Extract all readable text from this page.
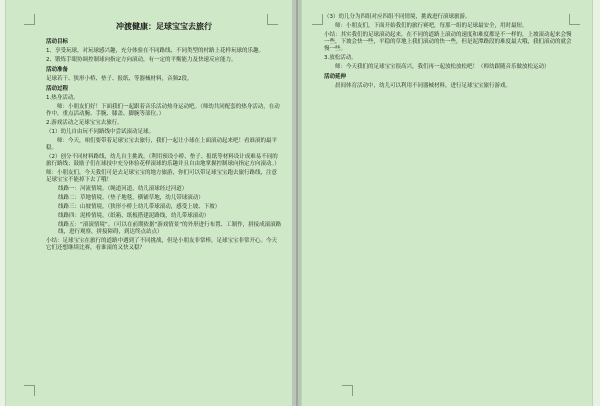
冲渡健康：足球宝宝去旅行
活动目标
1、享受玩球，对玩球感兴趣，充分体验在不同路线、不同类型的村路上花样玩球的乐趣。
2、锻炼手眼协调控制球向指定方向滚动，有一定的平衡能力及快速反应能力。
活动准备
足球若干、狭形小桥、垫子、报纸、等器械材料，音频2段。
活动过程
1.热身活动。
师：小朋友们好！下面我们一起跟着音乐活动热身运动吧。（师幼共同配套的热身活动，在动作中，重点活动腕、手腕、膝盖、脚腕等部位。）
2.游戏活动之足球宝宝去旅行。
（1）幼儿自由玩不同路线中尝试滚动足球。
师：今天，咱们要带着足球宝宝去旅行，我们一起让小球在上面滚动起来吧！看谁滚的最平稳。
（2）创分不同材料路线，幼儿自主挑战。（利用预设小桥、垫子、报纸等材料设计成难易不同的旅行路线；鼓励子们在球技中充分体验花样滚球的乐趣并且自由地掌握控制球向指定方向滚动。）
师：小朋友们，今天我们可是去足球宝宝的地方旅游，你们可以带足球宝宝跑去旅行路线，注意足球宝宝不能掉下去了哦！
线路一：河流情境。（绳道河道，幼儿滚球经过河道）
线路二：草地情境。（垫子地毯，横铺草地，幼儿带球滚动）
线路三：山坡情境。（狭形小桥上幼儿带球滚动，感受上坡、下坡）
线路四：泥桥情境。（纸箱、纸板搭建泥路线，幼儿带球滚动）
线路五：“滚滚情境”。（可以在前期依据“游戏情景”的外形进行布置、工制作，拼接成滚滚路线，进行观察，拼接障碍，到达终点站点）
小结：足球宝宝在旅行的道路中遇到了不同挑战，但是小朋友非常棒，足球宝宝非常开心。今天它们还想继续比赛，看谁滚的又快又稳？
（3）幼儿分为四组对应四组不同情境，挑战进行滚球旅游。
师：小朋友们，下面开始我们的旅行赛吧，每那一组的足球最安全，用时最短。
小结：其实我们的足球滚动起来，在不同的道路上滚动的速度和难度都是不一样的，上坡滚动起来会慢一些，下坡会快一些，平稳的草地上我们滚动的快一些，但是泥潭路段的难度最大哦，我们滚动的就会慢一些。
3.放松活动。
师：今天我们的足球宝宝很高兴，我们再一起放松放松吧！（师幼跟随音乐做放松运动）
活动延伸
晨间体育活动中，幼儿可以利用不同器械材料，进行足球宝宝旅行游戏。
